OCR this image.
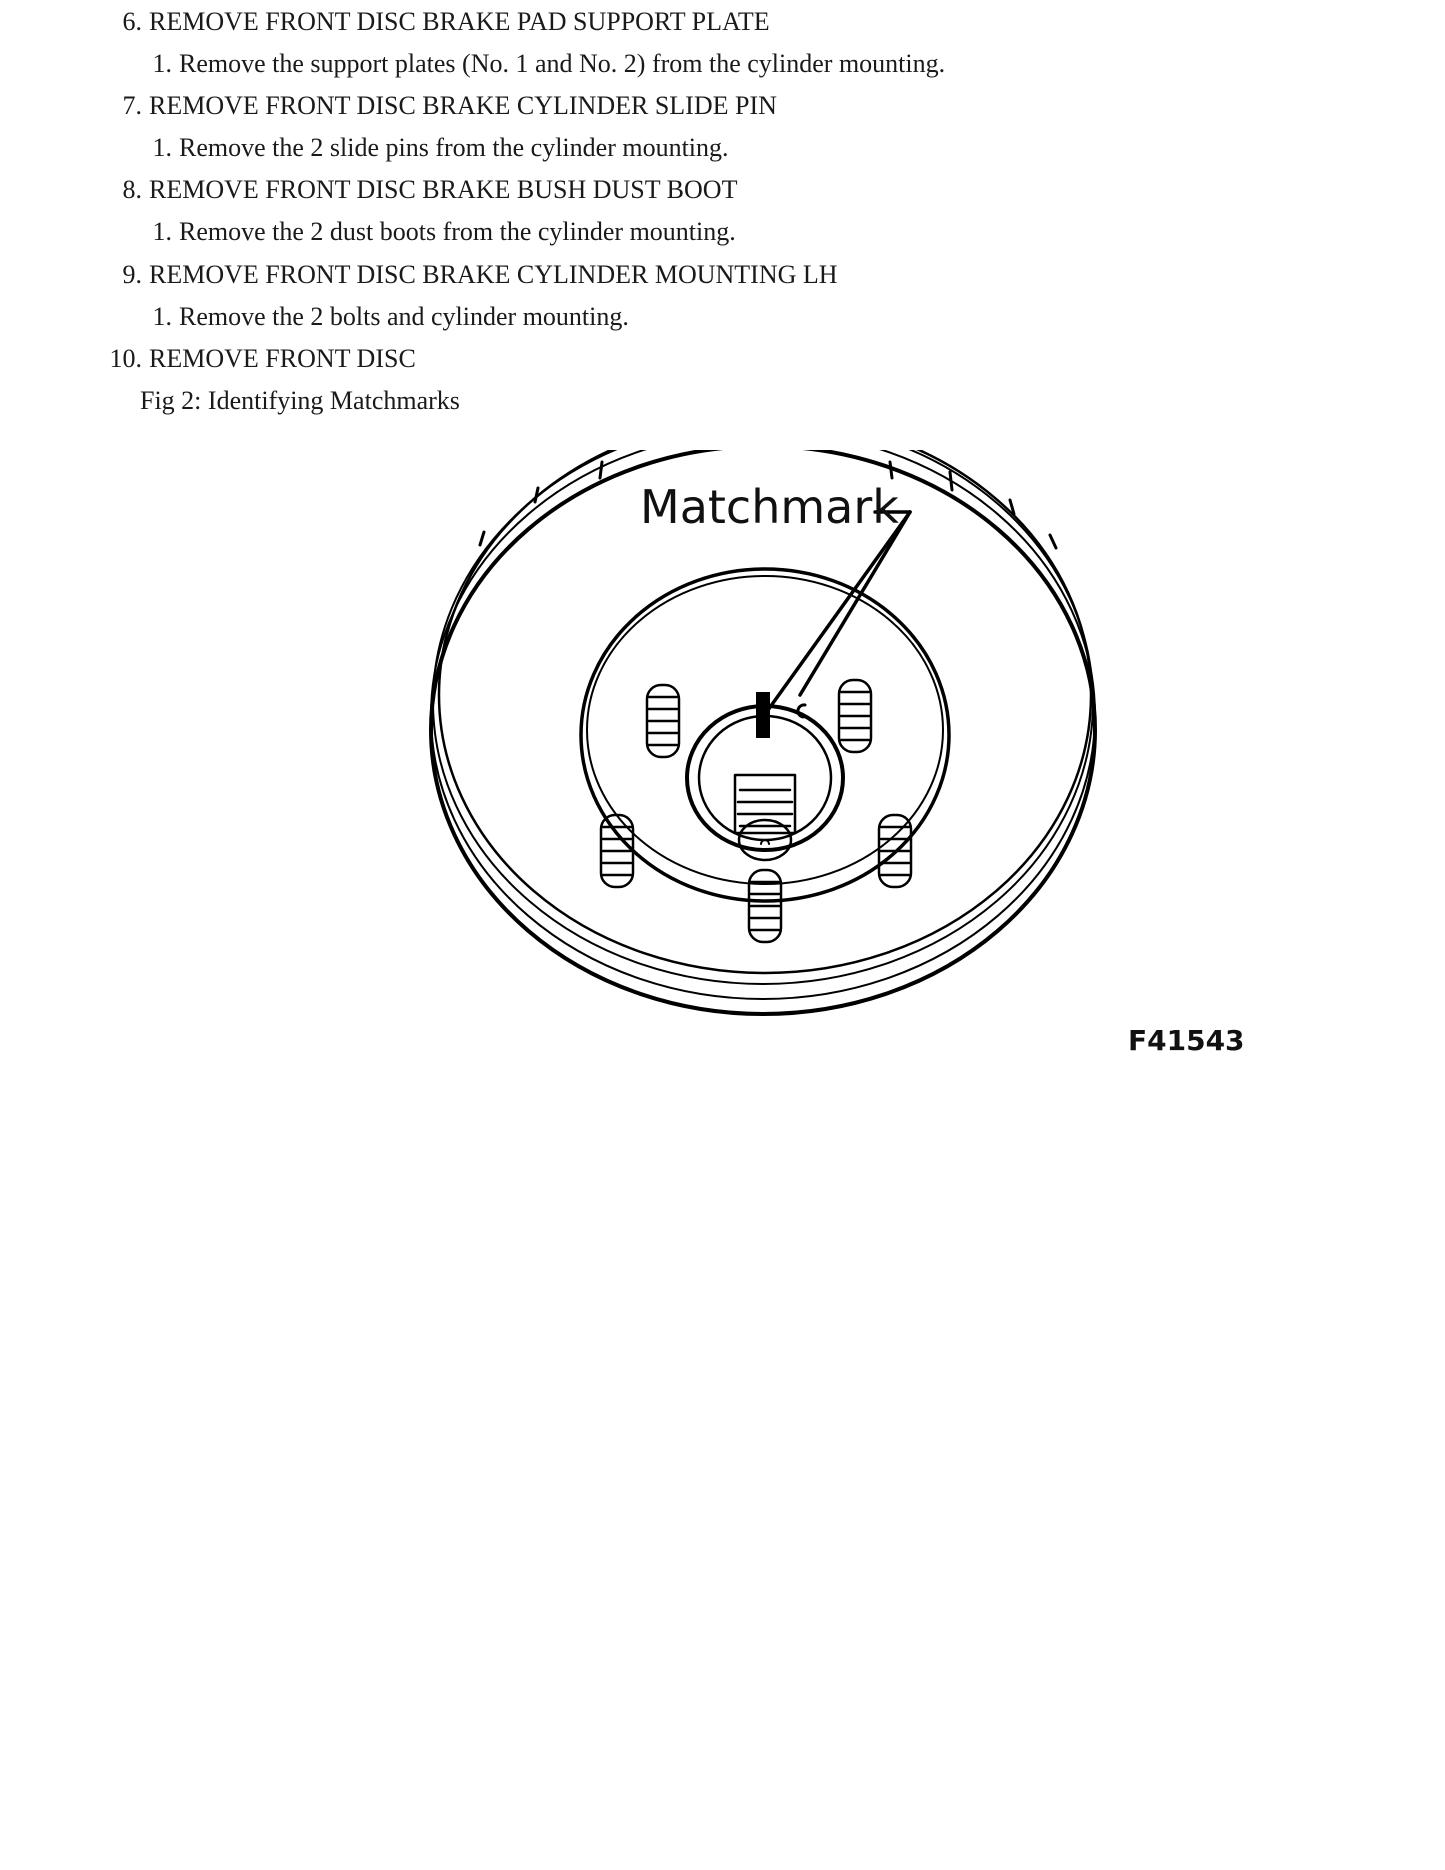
6. REMOVE FRONT DISC BRAKE PAD SUPPORT PLATE
1. Remove the support plates (No. 1 and No. 2) from the cylinder mounting.
7. REMOVE FRONT DISC BRAKE CYLINDER SLIDE PIN
1. Remove the 2 slide pins from the cylinder mounting.
8. REMOVE FRONT DISC BRAKE BUSH DUST BOOT
1. Remove the 2 dust boots from the cylinder mounting.
9. REMOVE FRONT DISC BRAKE CYLINDER MOUNTING LH
1. Remove the 2 bolts and cylinder mounting.
10. REMOVE FRONT DISC
Fig 2: Identifying Matchmarks
Matchmark
F41543
